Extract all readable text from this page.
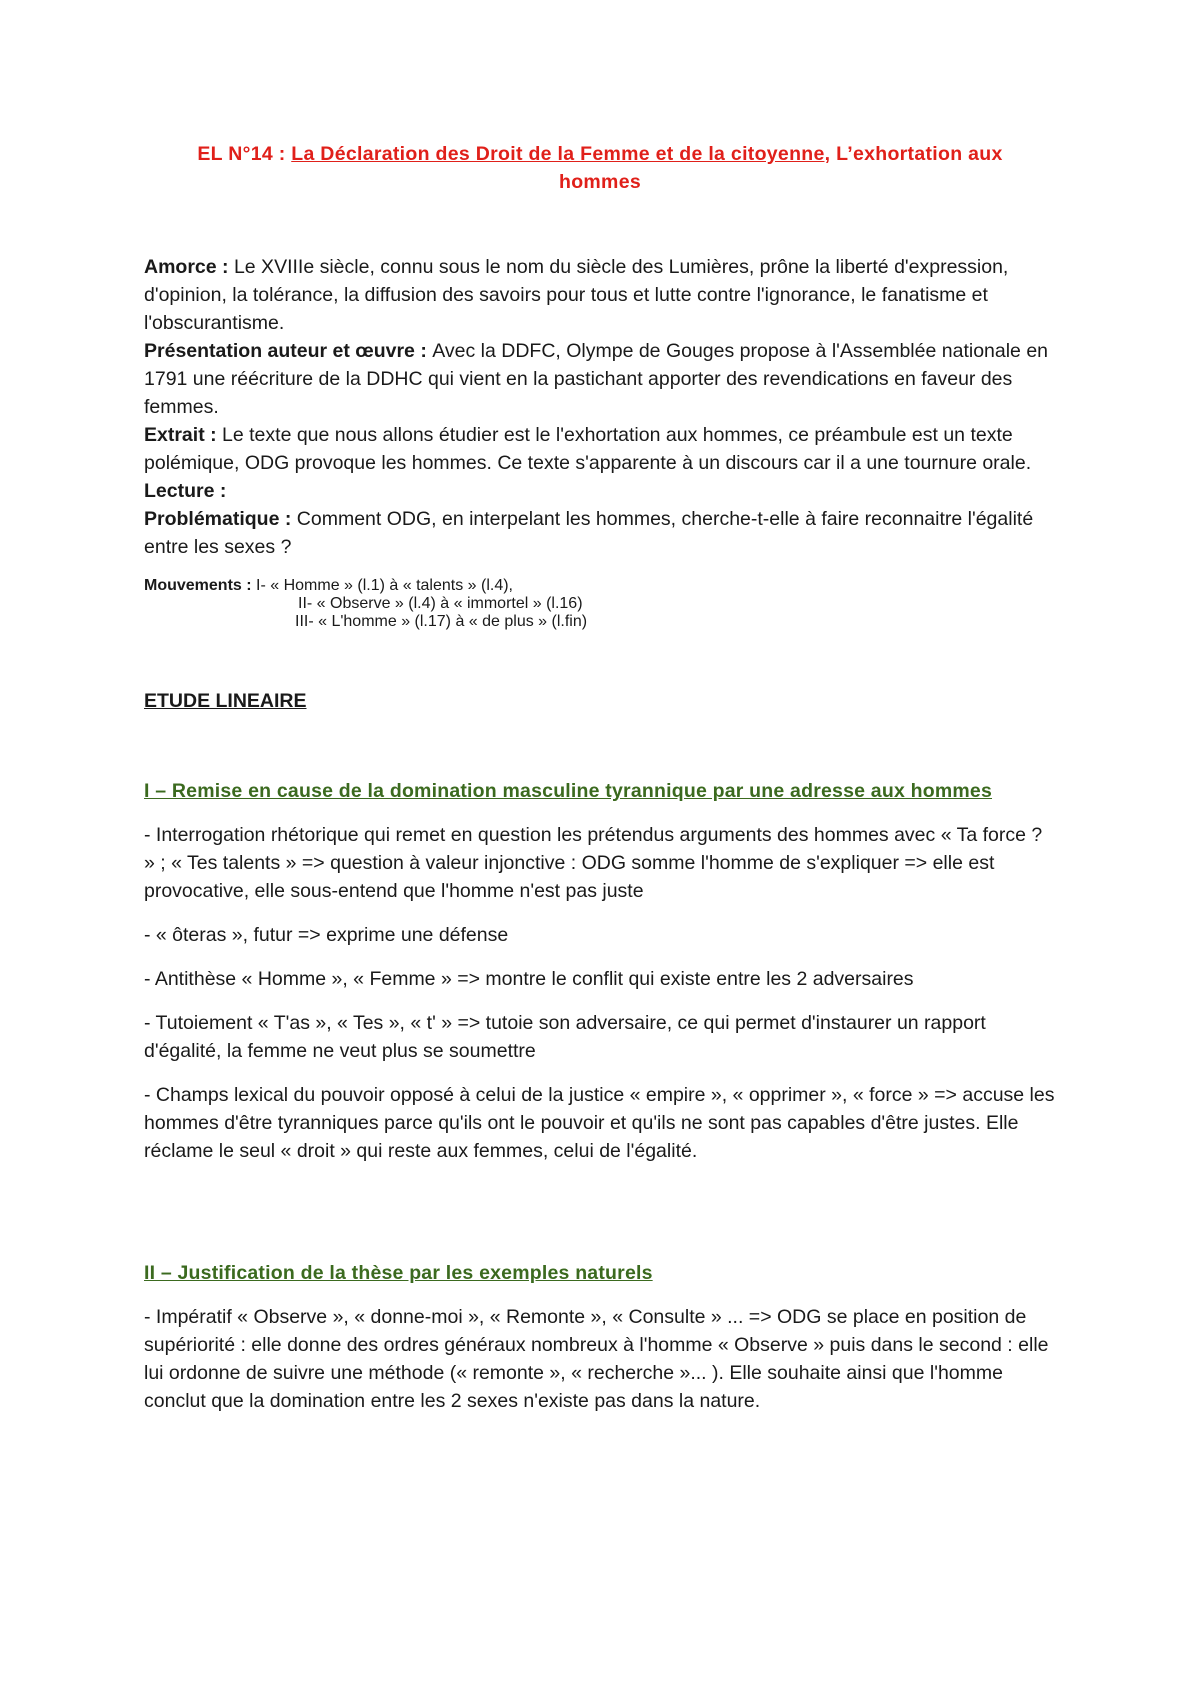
EL N°14 : La Déclaration des Droit de la Femme et de la citoyenne, L’exhortation aux hommes

Amorce : Le XVIIIe siècle, connu sous le nom du siècle des Lumières, prône la liberté d'expression, d'opinion, la tolérance, la diffusion des savoirs pour tous et lutte contre l'ignorance, le fanatisme et l'obscurantisme.

Présentation auteur et œuvre : Avec la DDFC, Olympe de Gouges propose à l'Assemblée nationale en 1791 une réécriture de la DDHC qui vient en la pastichant apporter des revendications en faveur des femmes.

Extrait : Le texte que nous allons étudier est le l'exhortation aux hommes, ce préambule est un texte polémique, ODG provoque les hommes. Ce texte s'apparente à un discours car il a une tournure orale.

Lecture :

Problématique : Comment ODG, en interpelant les hommes, cherche-t-elle à faire reconnaitre l'égalité entre les sexes ?

Mouvements : I- « Homme » (l.1) à « talents » (l.4),
II- « Observe » (l.4) à « immortel » (l.16)
III- « L'homme » (l.17) à « de plus » (l.fin)

ETUDE LINEAIRE

I – Remise en cause de la domination masculine tyrannique par une adresse aux hommes

- Interrogation rhétorique qui remet en question les prétendus arguments des hommes avec « Ta force ? » ; « Tes talents » => question à valeur injonctive : ODG somme l'homme de s'expliquer => elle est provocative, elle sous-entend que l'homme n'est pas juste

- « ôteras », futur => exprime une défense

- Antithèse « Homme », « Femme » => montre le conflit qui existe entre les 2 adversaires

- Tutoiement « T'as », « Tes », « t' » => tutoie son adversaire, ce qui permet d'instaurer un rapport d'égalité, la femme ne veut plus se soumettre

- Champs lexical du pouvoir opposé à celui de la justice « empire », « opprimer », « force » => accuse les hommes d'être tyranniques parce qu'ils ont le pouvoir et qu'ils ne sont pas capables d'être justes. Elle réclame le seul « droit » qui reste aux femmes, celui de l'égalité.

II – Justification de la thèse par les exemples naturels

- Impératif « Observe », « donne-moi », « Remonte », « Consulte » ... => ODG se place en position de supériorité : elle donne des ordres généraux nombreux à l'homme « Observe » puis dans le second : elle lui ordonne de suivre une méthode (« remonte », « recherche »... ). Elle souhaite ainsi que l'homme conclut que la domination entre les 2 sexes n'existe pas dans la nature.
